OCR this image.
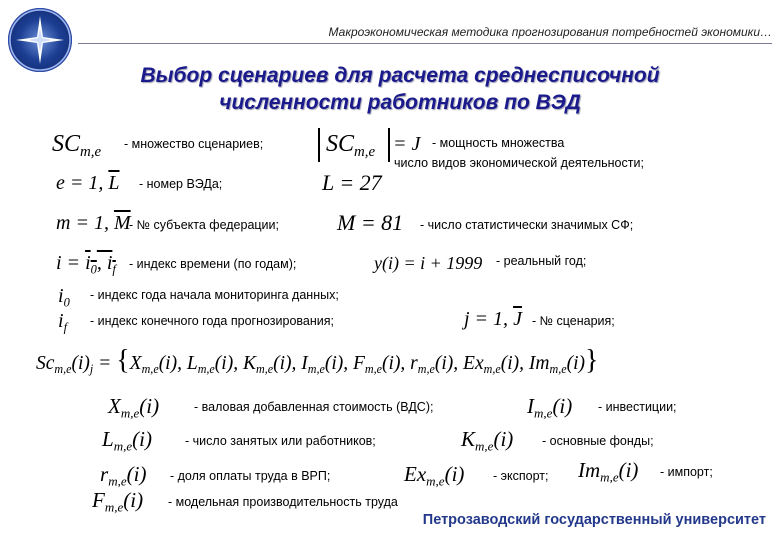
Макроэкономическая методика прогнозирования потребностей экономики…
Выбор сценариев для расчета среднесписочной
численности работников по ВЭД
$SC_{m,e}$
- множество сценариев;	$SC_{m,e} = J$ - мощность множества
число видов экономической деятельности;
e = 1, $\overline{L}$ - номер ВЭДа;	L = 27
m = 1, $\overline{M}$
- № субъекта федерации;	M = 81 - число статистически значимых СФ;
$i = i_0$, $i_f$ - индекс времени (по годам);	y(i) = i + 1999 - реальный год;
$i_0$
- индекс года начала мониторинга данных;
$i_f$ - индекс конечного года прогнозирования;	j = 1, $\overline{J}$ - № сценария;
$Sc_{m,e}(i)_j = \{X_{m,e}(i)$, $L_{m,e}(i)$, $K_{m,e}(i)$, $I_{m,e}(i)$, $F_{m,e}(i)$, $r_{m,e}(i)$, $Ex_{m,e}(i)$, $Im_{m,e}(i)$}
$X_{m,e}(i)$	- валовая добавленная стоимость (ВДС);	$I_{m,e}(i)$ - инвестиции;
$L_{m,e}(i)$	- число занятых или работников;	$K_{m,e}(i)$ - основные фонды;
$r_{m,e}(i)$ - доля оплаты труда в ВРП;	$Ex_{m,e}(i)$ - экспорт; $Im_{m,e}(i)$ - импорт;
$F_{m,e}(i)$ - модельная производительность труда
Петрозаводский государственный университет
